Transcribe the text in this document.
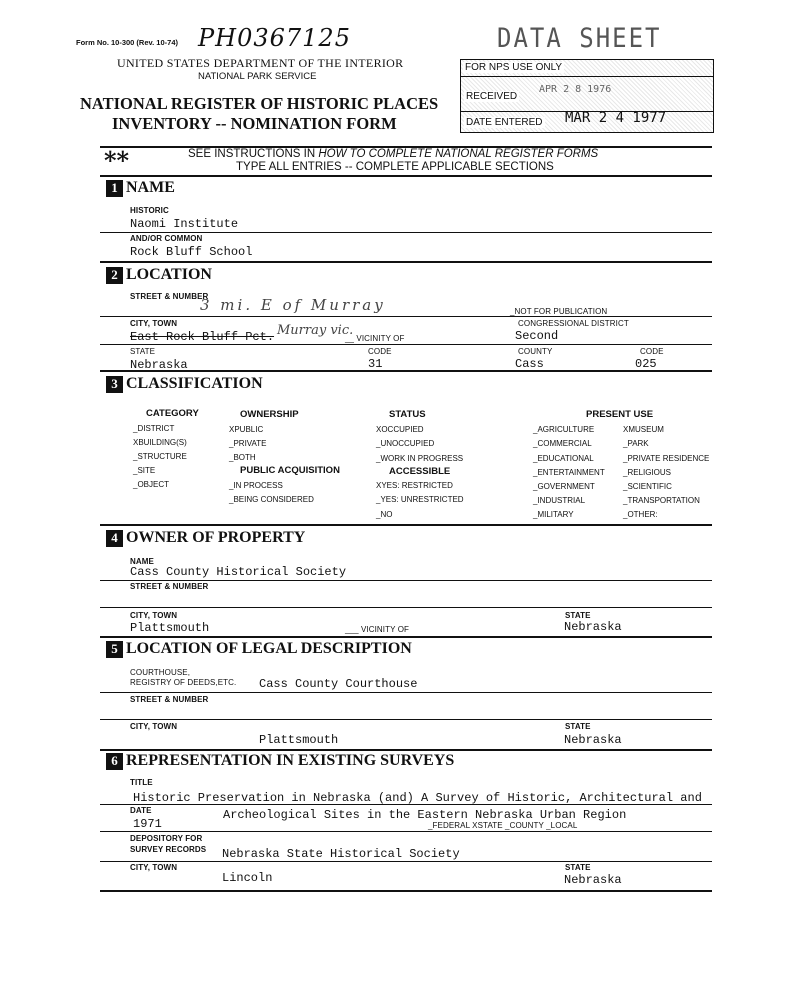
Form No. 10-300 (Rev. 10-74) PH0367125
UNITED STATES DEPARTMENT OF THE INTERIOR
NATIONAL PARK SERVICE
NATIONAL REGISTER OF HISTORIC PLACES
INVENTORY -- NOMINATION FORM
DATA SHEET
FOR NPS USE ONLY
RECEIVED
APR 2 8 1976
DATE ENTERED MAR 2 4 1977
**	SEE INSTRUCTIONS IN HOW TO COMPLETE NATIONAL REGISTER FORMS
TYPE ALL ENTRIES -- COMPLETE APPLICABLE SECTIONS
1 NAME
HISTORIC
Naomi Institute
AND/OR COMMON
Rock Bluff School
2 LOCATION
STREET & NUMBER
3 mi. E of Murray	_NOT FOR PUBLICATION
CITY, TOWN	CONGRESSIONAL DISTRICT
East Rock Bluff Pct. Murray vic.
__ VICINITY OF	Second
STATE	CODE	COUNTY	CODE
Nebraska	31	Cass	025
3 CLASSIFICATION
CATEGORY	OWNERSHIP	STATUS	PRESENT USE
_DISTRICT
XBUILDING(S)
_STRUCTURE
_SITE
_OBJECT
XPUBLIC
_PRIVATE
_BOTH
PUBLIC ACQUISITION
_IN PROCESS
_BEING CONSIDERED
XOCCUPIED
_UNOCCUPIED
_WORK IN PROGRESS
ACCESSIBLE
XYES: RESTRICTED
_YES: UNRESTRICTED
_NO
_AGRICULTURE
_COMMERCIAL
_EDUCATIONAL
_ENTERTAINMENT
_GOVERNMENT
_INDUSTRIAL
_MILITARY
XMUSEUM
_PARK
_PRIVATE RESIDENCE
_RELIGIOUS
_SCIENTIFIC
_TRANSPORTATION
_OTHER:
4 OWNER OF PROPERTY
NAME
Cass County Historical Society
STREET & NUMBER
CITY, TOWN	STATE
Plattsmouth	___ VICINITY OF	Nebraska
5 LOCATION OF LEGAL DESCRIPTION
COURTHOUSE,
REGISTRY OF DEEDS,ETC. Cass County Courthouse
STREET & NUMBER
CITY, TOWN	STATE
Plattsmouth	Nebraska
6 REPRESENTATION IN EXISTING SURVEYS
TITLE
Historic Preservation in Nebraska (and) A Survey of Historic, Architectural and
DATE	Archeological Sites in the Eastern Nebraska Urban Region
1971	_FEDERAL XSTATE _COUNTY _LOCAL
DEPOSITORY FOR
SURVEY RECORDS Nebraska State Historical Society
CITY, TOWN	STATE
Lincoln	Nebraska
